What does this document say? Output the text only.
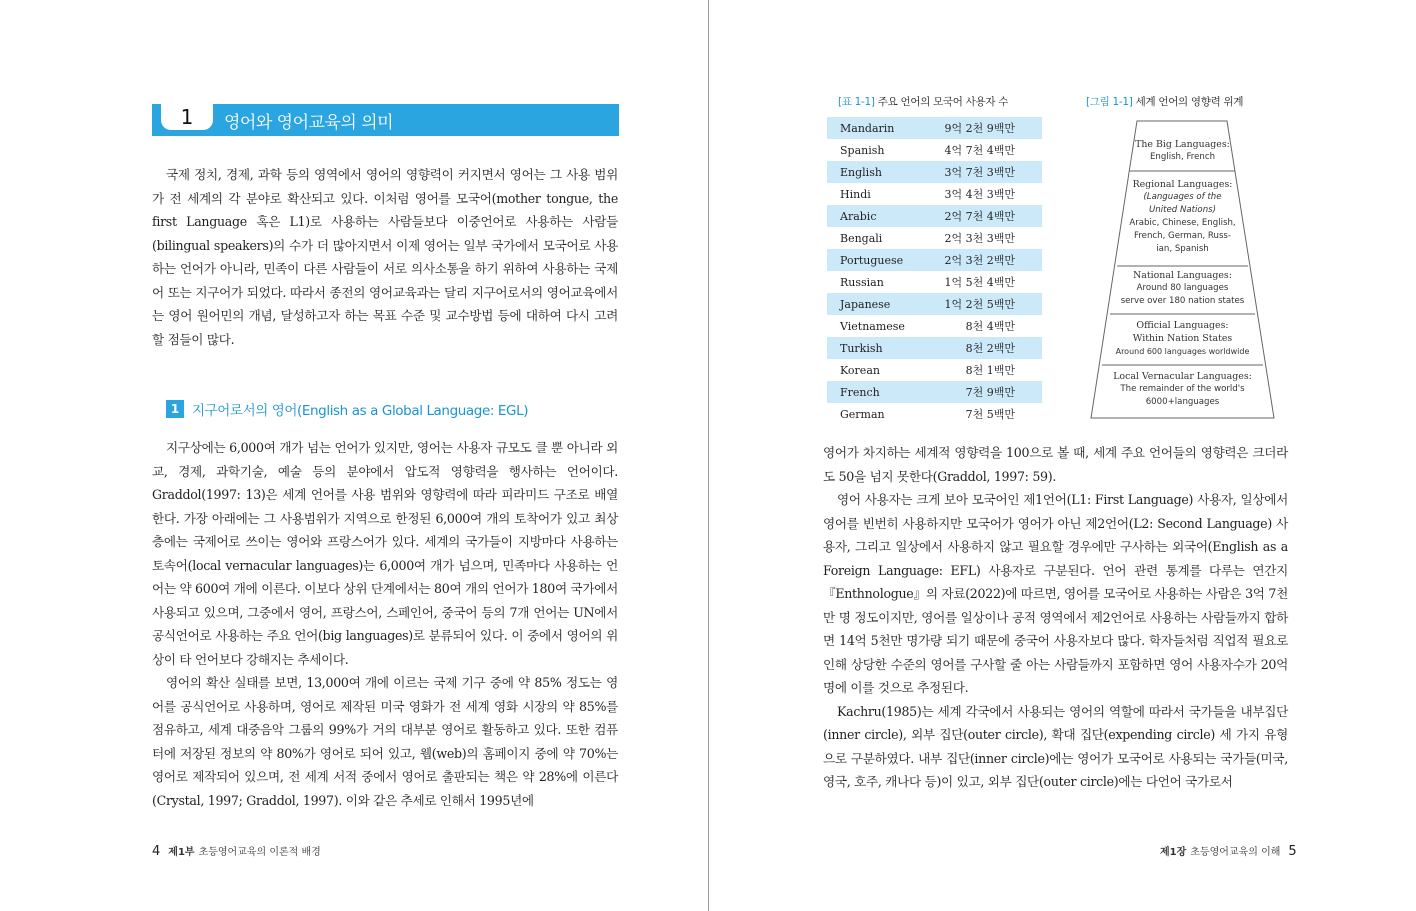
1	영어와 영어교육의 의미

국제 정치, 경제, 과학 등의 영역에서 영어의 영향력이 커지면서 영어는 그 사용 범위가 전 세계의 각 분야로 확산되고 있다. 이처럼 영어를 모국어(mother tongue, the first Language 혹은 L1)로 사용하는 사람들보다 이중언어로 사용하는 사람들(bilingual speakers)의 수가 더 많아지면서 이제 영어는 일부 국가에서 모국어로 사용하는 언어가 아니라, 민족이 다른 사람들이 서로 의사소통을 하기 위하여 사용하는 국제어 또는 지구어가 되었다. 따라서 종전의 영어교육과는 달리 지구어로서의 영어교육에서는 영어 원어민의 개념, 달성하고자 하는 목표 수준 및 교수방법 등에 대하여 다시 고려할 점들이 많다.

1 지구어로서의 영어(English as a Global Language: EGL)

지구상에는 6,000여 개가 넘는 언어가 있지만, 영어는 사용자 규모도 클 뿐 아니라 외교, 경제, 과학기술, 예술 등의 분야에서 압도적 영향력을 행사하는 언어이다. Graddol(1997: 13)은 세계 언어를 사용 범위와 영향력에 따라 피라미드 구조로 배열한다. 가장 아래에는 그 사용범위가 지역으로 한정된 6,000여 개의 토착어가 있고 최상층에는 국제어로 쓰이는 영어와 프랑스어가 있다. 세계의 국가들이 지방마다 사용하는 토속어(local vernacular languages)는 6,000여 개가 넘으며, 민족마다 사용하는 언어는 약 600여 개에 이른다. 이보다 상위 단계에서는 80여 개의 언어가 180여 국가에서 사용되고 있으며, 그중에서 영어, 프랑스어, 스페인어, 중국어 등의 7개 언어는 UN에서 공식언어로 사용하는 주요 언어(big languages)로 분류되어 있다. 이 중에서 영어의 위상이 타 언어보다 강해지는 추세이다.

영어의 확산 실태를 보면, 13,000여 개에 이르는 국제 기구 중에 약 85% 정도는 영어를 공식언어로 사용하며, 영어로 제작된 미국 영화가 전 세계 영화 시장의 약 85%를 점유하고, 세계 대중음악 그룹의 99%가 거의 대부분 영어로 활동하고 있다. 또한 컴퓨터에 저장된 정보의 약 80%가 영어로 되어 있고, 웹(web)의 홈페이지 중에 약 70%는 영어로 제작되어 있으며, 전 세계 서적 중에서 영어로 출판되는 책은 약 28%에 이른다(Crystal, 1997; Graddol, 1997). 이와 같은 추세로 인해서 1995년에

4 제1부 초등영어교육의 이론적 배경
[표 1-1] 주요 언어의 모국어 사용자 수	[그림 1-1] 세계 언어의 영향력 위계
Mandarin	9억 2천 9백만
Spanish	4억 7천 4백만
English	3억 7천 3백만
Hindi	3억 4천 3백만
Arabic	2억 7천 4백만
Bengali	2억 3천 3백만
Portuguese	2억 3천 2백만
Russian	1억 5천 4백만
Japanese	1억 2천 5백만
Vietnamese	8천 4백만
Turkish	8천 2백만
Korean	8천 1백만
French	7천 9백만
German	7천 5백만
The Big Languages:
English, French
Regional Languages:
(Languages of the
United Nations)
Arabic, Chinese, English,
French, German, Russ-
ian, Spanish
National Languages:
Around 80 languages
serve over 180 nation states
Official Languages:
Within Nation States
Around 600 languages worldwide
Local Vernacular Languages:
The remainder of the world's
6000+languages

영어가 차지하는 세계적 영향력을 100으로 볼 때, 세계 주요 언어들의 영향력은 크더라도 50을 넘지 못한다(Graddol, 1997: 59).

영어 사용자는 크게 보아 모국어인 제1언어(L1: First Language) 사용자, 일상에서 영어를 빈번히 사용하지만 모국어가 영어가 아닌 제2언어(L2: Second Language) 사용자, 그리고 일상에서 사용하지 않고 필요할 경우에만 구사하는 외국어(English as a Foreign Language: EFL) 사용자로 구분된다. 언어 관련 통계를 다루는 연간지 『Enthnologue』의 자료(2022)에 따르면, 영어를 모국어로 사용하는 사람은 3억 7천만 명 정도이지만, 영어를 일상이나 공적 영역에서 제2언어로 사용하는 사람들까지 합하면 14억 5천만 명가량 되기 때문에 중국어 사용자보다 많다. 학자들처럼 직업적 필요로 인해 상당한 수준의 영어를 구사할 줄 아는 사람들까지 포함하면 영어 사용자수가 20억 명에 이를 것으로 추정된다.

Kachru(1985)는 세계 각국에서 사용되는 영어의 역할에 따라서 국가들을 내부집단(inner circle), 외부 집단(outer circle), 확대 집단(expending circle) 세 가지 유형으로 구분하였다. 내부 집단(inner circle)에는 영어가 모국어로 사용되는 국가들(미국, 영국, 호주, 캐나다 등)이 있고, 외부 집단(outer circle)에는 다언어 국가로서

제1장 초등영어교육의 이해 5
